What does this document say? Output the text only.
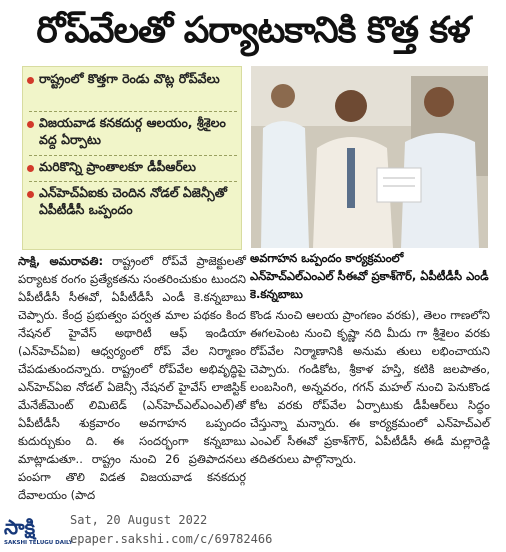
రోప్‌వేలతో పర్యాటకానికి కొత్త కళ
రాష్ట్రంలో కొత్తగా రెండు వొట్ల రోప్‌వేలు
విజయవాడ కనకదుర్గ ఆలయం, శ్రీశైలం వద్ద ఏర్పాటు
మరికొన్ని ప్రాంతాలకూ డీపీఆర్‌లు
ఎన్‌హెచ్ఏఐకు చెందిన నోడల్ ఏజెన్సీతో ఏపీటీడీసీ ఒప్పందం
అవగాహన ఒప్పందం కార్యక్రమంలో ఎన్‌హెచ్ఎల్‌ఎంఎల్ సీఈవో ప్రకాశ్‌గౌర్, ఏపీటీడీసీ ఎండీ కె.కన్నబాబు
సాక్షి, అమరావతి: రాష్ట్రంలో రోప్‌వే ప్రాజెక్టులతో పర్యాటక రంగం ప్రత్యేకతను సంతరించుకుం టుందని ఏపీటీడీసీ సీఈవో, ఏపీటీడీసీ ఎండీ కె.కన్నబాబు చెప్పారు. కేంద్ర ప్రభుత్వం పర్వత మాల పథకం కింద నేషనల్ హైవేస్ అథారిటీ ఆఫ్ ఇండియా (ఎన్‌హెచ్ఏఐ) ఆధ్వర్యంలో రోప్ వేల నిర్మాణం చేపడుతుందన్నారు. రాష్ట్రంలో రోప్‌వేల అభివృద్ధిపై ఎన్‌హెచ్ఏఐ నోడల్ ఏజెన్సీ నేషనల్ హైవేస్ లాజిస్టిక్ మేనేజ్‌మెంట్ లిమిటెడ్ (ఎన్‌హెచ్ఎల్‌ఎంఎల్)తో ఏపీటీడీసీ శుక్రవారం అవగాహన ఒప్పందం కుదుర్చుకుం ది. ఈ సందర్భంగా కన్నబాబు మాట్లాడుతూ.. రాష్ట్రం నుంచి 26 ప్రతిపాదనలు పంపగా తొలి విడత విజయవాడ కనకదుర్గ దేవాలయం (పాద
కొండ నుంచి ఆలయ ప్రాంగణం వరకు), తెలం గాణలోని ఈగలపెంట నుంచి కృష్ణా నది మీదు గా శ్రీశైలం వరకు రోప్‌వేల నిర్మాణానికి అనుమ తులు లభించాయని చెప్పారు. గండికోట, శ్రీకాళ హస్తి, కటికి జలపాతం, లంబసింగి, అన్నవరం, గగన్ మహల్ నుంచి పెనుకొండ కోట వరకు రోప్‌వేల ఏర్పాటుకు డీపీఆర్‌లు సిద్ధం చేస్తున్నా మన్నారు. ఈ కార్యక్రమంలో ఎన్‌హెచ్ఎల్ ఎంఎల్ సీఈవో ప్రకాశ్‌గౌర్, ఏపీటీడీసీ ఈడీ మల్లారెడ్డి తదితరులు పాల్గొన్నారు.
సాక్షి
SAKSHI TELUGU DAILY
Sat, 20 August 2022
epaper.sakshi.com/c/69782466
